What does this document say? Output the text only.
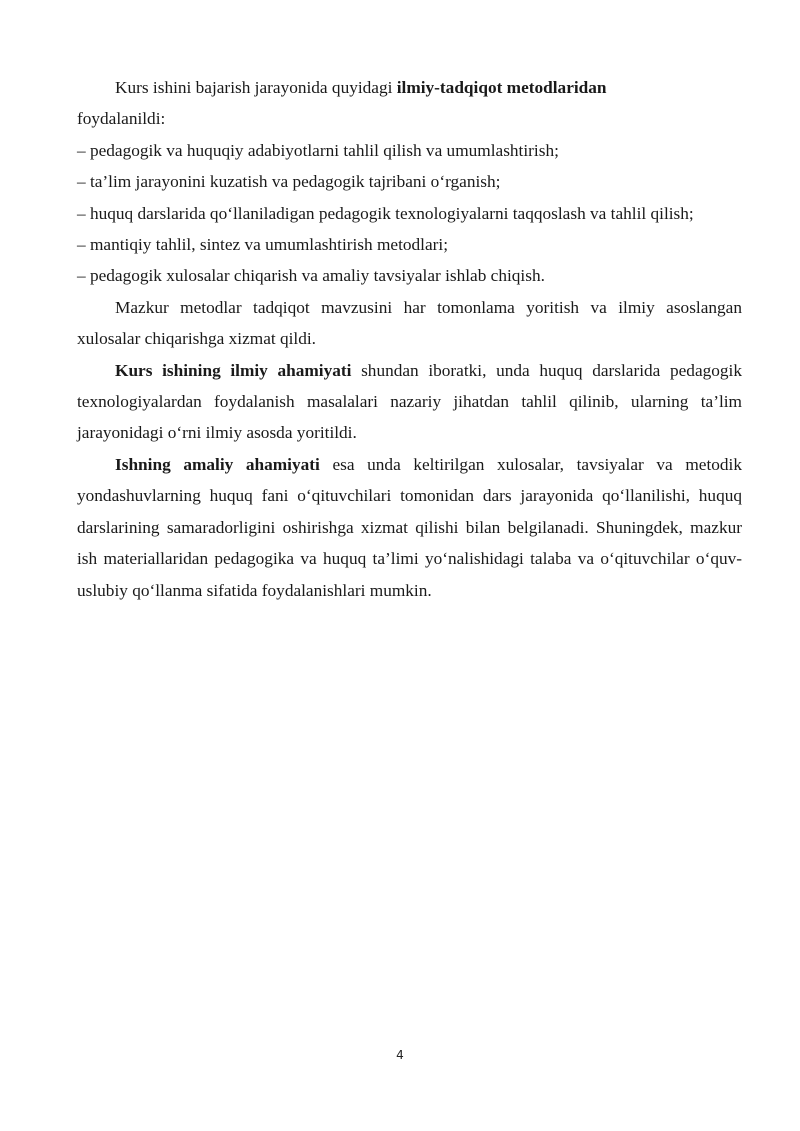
Kurs ishini bajarish jarayonida quyidagi ilmiy-tadqiqot metodlaridan

foydalanildi:

– pedagogik va huquqiy adabiyotlarni tahlil qilish va umumlashtirish;

– ta’lim jarayonini kuzatish va pedagogik tajribani o‘rganish;

– huquq darslarida qo‘llaniladigan pedagogik texnologiyalarni taqqoslash va tahlil qilish;

– mantiqiy tahlil, sintez va umumlashtirish metodlari;

– pedagogik xulosalar chiqarish va amaliy tavsiyalar ishlab chiqish.

Mazkur metodlar tadqiqot mavzusini har tomonlama yoritish va ilmiy asoslangan xulosalar chiqarishga xizmat qildi.

Kurs ishining ilmiy ahamiyati shundan iboratki, unda huquq darslarida pedagogik texnologiyalardan foydalanish masalalari nazariy jihatdan tahlil qilinib, ularning ta’lim jarayonidagi o‘rni ilmiy asosda yoritildi.

Ishning amaliy ahamiyati esa unda keltirilgan xulosalar, tavsiyalar va metodik yondashuvlarning huquq fani o‘qituvchilari tomonidan dars jarayonida qo‘llanilishi, huquq darslarining samaradorligini oshirishga xizmat qilishi bilan belgilanadi. Shuningdek, mazkur ish materiallaridan pedagogika va huquq ta’limi yo‘nalishidagi talaba va o‘qituvchilar o‘quv-uslubiy qo‘llanma sifatida foydalanishlari mumkin.

4
